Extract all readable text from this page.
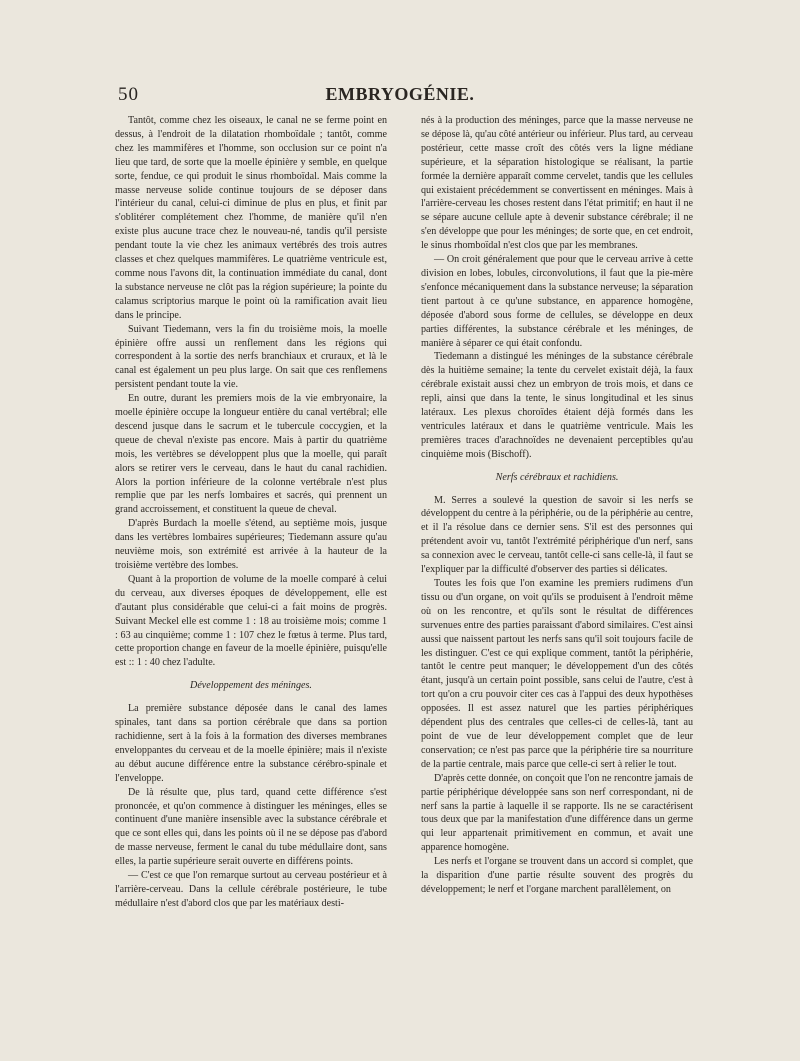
50	EMBRYOGÉNIE.

Tantôt, comme chez les oiseaux, le canal ne se ferme point en dessus, à l'endroit de la dilatation rhomboïdale ; tantôt, comme chez les mammifères et l'homme, son occlusion sur ce point n'a lieu que tard, de sorte que la moelle épinière y semble, en quelque sorte, fendue, ce qui produit le sinus rhomboïdal. Mais comme la masse nerveuse solide continue toujours de se déposer dans l'intérieur du canal, celui-ci diminue de plus en plus, et finit par s'oblitérer complétement chez l'homme, de manière qu'il n'en existe plus aucune trace chez le nouveau-né, tandis qu'il persiste pendant toute la vie chez les animaux vertébrés des trois autres classes et chez quelques mammifères. Le quatrième ventricule est, comme nous l'avons dit, la continuation immédiate du canal, dont la substance nerveuse ne clôt pas la région supérieure; la pointe du calamus scriptorius marque le point où la ramification avait lieu dans le principe.

Suivant Tiedemann, vers la fin du troisième mois, la moelle épinière offre aussi un renflement dans les régions qui correspondent à la sortie des nerfs branchiaux et cruraux, et là le canal est également un peu plus large. On sait que ces renflemens persistent pendant toute la vie.

En outre, durant les premiers mois de la vie embryonaire, la moelle épinière occupe la longueur entière du canal vertébral; elle descend jusque dans le sacrum et le tubercule coccygien, et la queue de cheval n'existe pas encore. Mais à partir du quatrième mois, les vertèbres se développent plus que la moelle, qui paraît alors se retirer vers le cerveau, dans le haut du canal rachidien. Alors la portion inférieure de la colonne vertébrale n'est plus remplie que par les nerfs lombaires et sacrés, qui prennent un grand accroissement, et constituent la queue de cheval.

D'après Burdach la moelle s'étend, au septième mois, jusque dans les vertèbres lombaires supérieures; Tiedemann assure qu'au neuvième mois, son extrémité est arrivée à la hauteur de la troisième vertèbre des lombes.

Quant à la proportion de volume de la moelle comparé à celui du cerveau, aux diverses époques de développement, elle est d'autant plus considérable que celui-ci a fait moins de progrès. Suivant Meckel elle est comme 1 : 18 au troisième mois; comme 1 : 63 au cinquième; comme 1 : 107 chez le fœtus à terme. Plus tard, cette proportion change en faveur de la moelle épinière, puisqu'elle est :: 1 : 40 chez l'adulte.

Développement des méninges.

La première substance déposée dans le canal des lames spinales, tant dans sa portion cérébrale que dans sa portion rachidienne, sert à la fois à la formation des diverses membranes enveloppantes du cerveau et de la moelle épinière; mais il n'existe au début aucune différence entre la substance cérébro-spinale et l'enveloppe.

De là résulte que, plus tard, quand cette différence s'est prononcée, et qu'on commence à distinguer les méninges, elles se continuent d'une manière insensible avec la substance cérébrale et que ce sont elles qui, dans les points où il ne se dépose pas d'abord de masse nerveuse, ferment le canal du tube médullaire dont, sans elles, la partie supérieure serait ouverte en différens points.

— C'est ce que l'on remarque surtout au cerveau postérieur et à l'arrière-cerveau. Dans la cellule cérébrale postérieure, le tube médullaire n'est d'abord clos que par les matériaux desti-

nés à la production des méninges, parce que la masse nerveuse ne se dépose là, qu'au côté antérieur ou inférieur. Plus tard, au cerveau postérieur, cette masse croît des côtés vers la ligne médiane supérieure, et la séparation histologique se réalisant, la partie formée la dernière apparaît comme cervelet, tandis que les cellules qui existaient précédemment se convertissent en méninges. Mais à l'arrière-cerveau les choses restent dans l'état primitif; en haut il ne se sépare aucune cellule apte à devenir substance cérébrale; il ne s'en développe que pour les méninges; de sorte que, en cet endroit, le sinus rhomboïdal n'est clos que par les membranes.

— On croit généralement que pour que le cerveau arrive à cette division en lobes, lobules, circonvolutions, il faut que la pie-mère s'enfonce mécaniquement dans la substance nerveuse; la séparation tient partout à ce qu'une substance, en apparence homogène, déposée d'abord sous forme de cellules, se développe en deux parties différentes, la substance cérébrale et les méninges, de manière à séparer ce qui était confondu.

Tiedemann a distingué les méninges de la substance cérébrale dès la huitième semaine; la tente du cervelet existait déjà, la faux cérébrale existait aussi chez un embryon de trois mois, et dans ce repli, ainsi que dans la tente, le sinus longitudinal et les sinus latéraux. Les plexus choroïdes étaient déjà formés dans les ventricules latéraux et dans le quatrième ventricule. Mais les premières traces d'arachnoïdes ne devenaient perceptibles qu'au cinquième mois (Bischoff).

Nerfs cérébraux et rachidiens.

M. Serres a soulevé la question de savoir si les nerfs se développent du centre à la périphérie, ou de la périphérie au centre, et il l'a résolue dans ce dernier sens. S'il est des personnes qui prétendent avoir vu, tantôt l'extrémité périphérique d'un nerf, sans sa connexion avec le cerveau, tantôt celle-ci sans celle-là, il faut se l'expliquer par la difficulté d'observer des parties si délicates.

Toutes les fois que l'on examine les premiers rudimens d'un tissu ou d'un organe, on voit qu'ils se produisent à l'endroit même où on les rencontre, et qu'ils sont le résultat de différences survenues entre des parties paraissant d'abord similaires. C'est ainsi aussi que naissent partout les nerfs sans qu'il soit toujours facile de les distinguer. C'est ce qui explique comment, tantôt la périphérie, tantôt le centre peut manquer; le développement d'un des côtés étant, jusqu'à un certain point possible, sans celui de l'autre, c'est à tort qu'on a cru pouvoir citer ces cas à l'appui des deux hypothèses opposées. Il est assez naturel que les parties périphériques dépendent plus des centrales que celles-ci de celles-là, tant au point de vue de leur développement complet que de leur conservation; ce n'est pas parce que la périphérie tire sa nourriture de la partie centrale, mais parce que celle-ci sert à relier le tout.

D'après cette donnée, on conçoit que l'on ne rencontre jamais de partie périphérique développée sans son nerf correspondant, ni de nerf sans la partie à laquelle il se rapporte. Ils ne se caractérisent tous deux que par la manifestation d'une différence dans un germe qui leur appartenait primitivement en commun, et avait une apparence homogène.

Les nerfs et l'organe se trouvent dans un accord si complet, que la disparition d'une partie résulte souvent des progrès du développement; le nerf et l'organe marchent parallèlement, on
